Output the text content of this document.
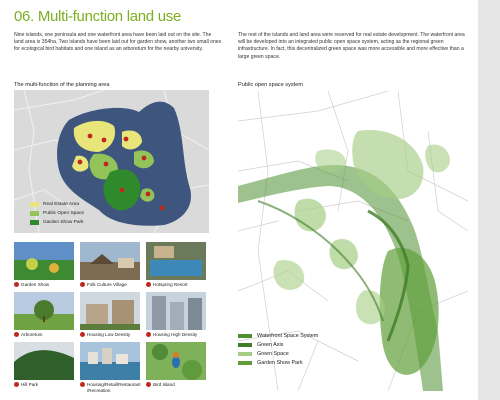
06. Multi-function land use
Nine islands, one peninsula and one waterfront area have been laid out on the site. The land area is 354ha. Two islands have been laid out for garden show, another two small ones for ecological bird habitats and one island as an arboretum for the nearby university.
The rest of the islands and land area were reserved for real estate development. The waterfront area will be developed into an integrated public open space system, acting as the regional green infrastructure. In fact, this decentralized green space was more accessible and more effective than a large green space.
The multi-function of the planning area	Public open space system
Real Estate Area
Public Open Space
Garden Show Park
Garden Show	Folk Culture Village	Hotspring Resort
Arboretum	Housing Low Density	Housing High Density
Hill Park	Housing/Retail/Restaurant /Recreation
Bird Island
Waterfront Space System
Green Axis
Green Space
Garden Show Park
